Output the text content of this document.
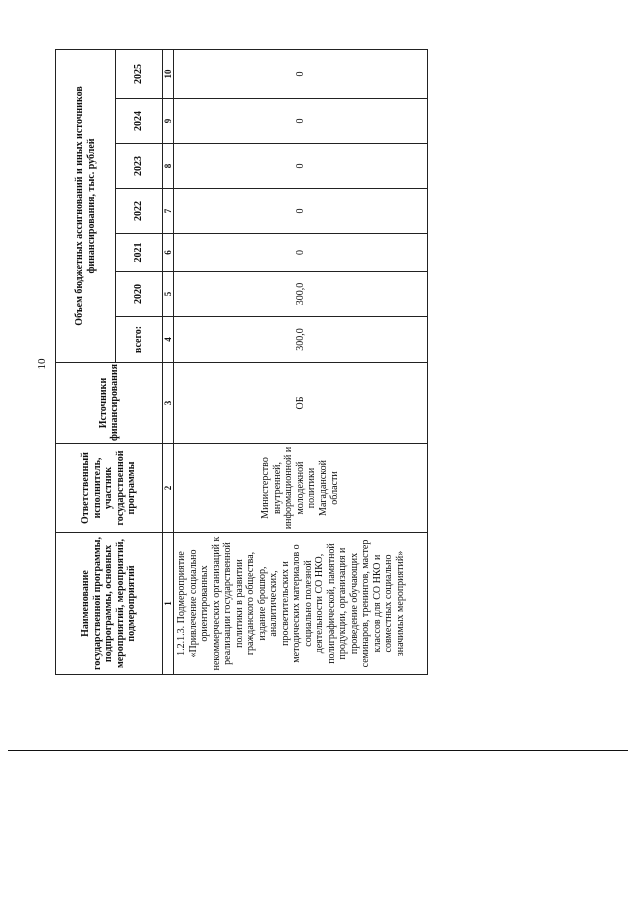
10
Наименование государственной программы, подпрограммы, основных мероприятий, мероприятий, подмероприятий	Ответственный исполнитель, участник государственной программы	Источники финансирования	Объем бюджетных ассигнований и иных источников финансирования, тыс. рублей						
			всего:	2020	2021	2022	2023	2024	2025
1	2	3	4	5	6	7	8	9	10
1.2.1.3. Подмероприятие «Привлечение социально ориентированных некоммерческих организаций к реализации государственной политики в развитии гражданского общества, издание брошюр, аналитических, просветительских и методических материалов о социально полезной деятельности СО НКО, полиграфической, памятной продукции, организация и проведение обучающих семинаров, тренингов, мастер классов для СО НКО и совместных социально значимых мероприятий»	Министерство внутренней, информационной и молодежной политики Магаданской области	ОБ	300,0	300,0	0	0	0	0	0
